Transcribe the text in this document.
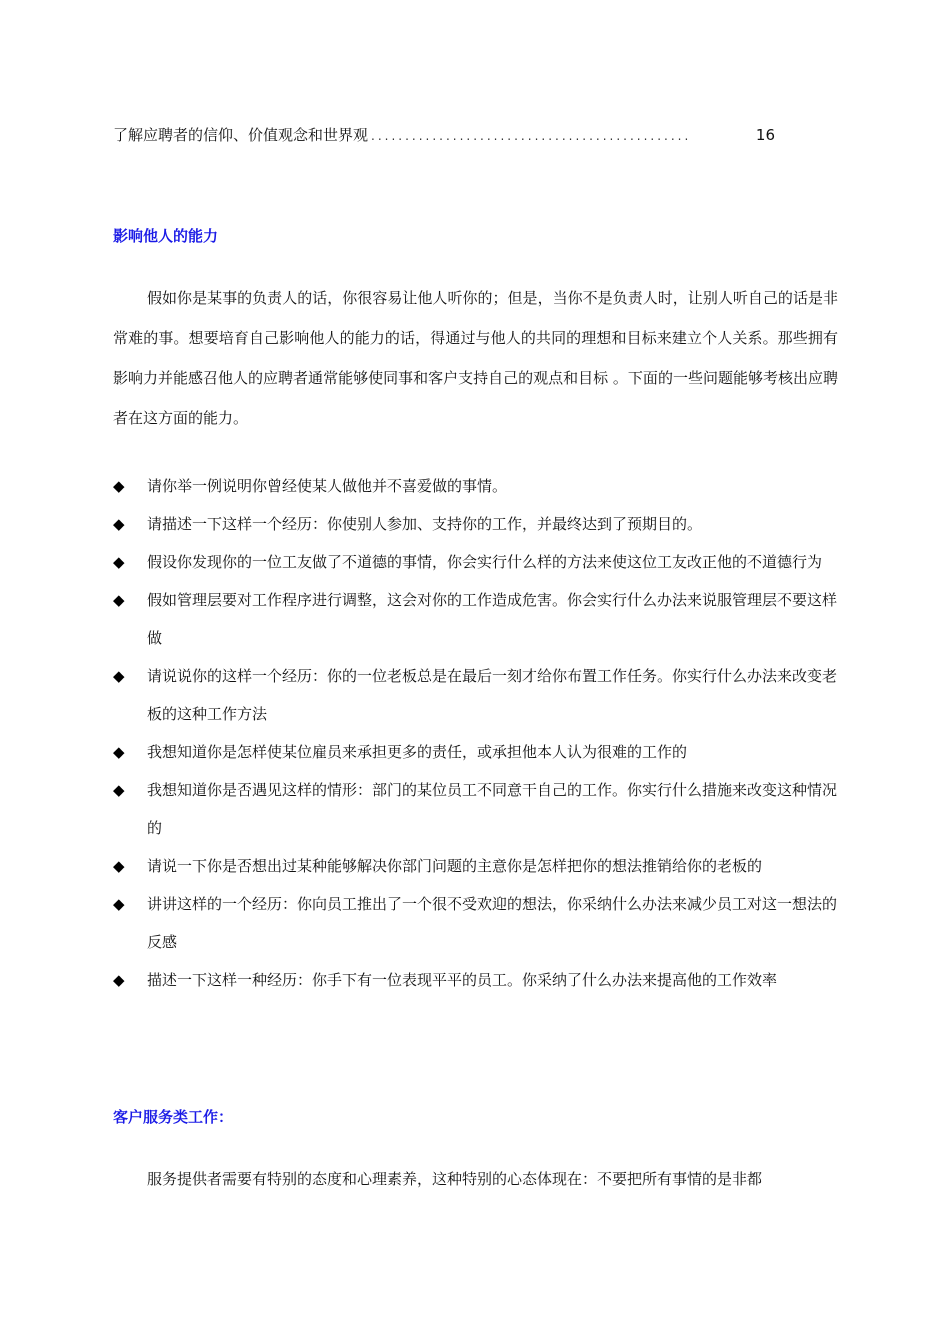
了解应聘者的信仰、价值观念和世界观 ...............................................	16
影响他人的能力

假如你是某事的负责人的话，你很容易让他人听你的；但是，当你不是负责人时，让别人听自己的话是非常难的事。想要培育自己影响他人的能力的话，得通过与他人的共同的理想和目标来建立个人关系。那些拥有影响力并能感召他人的应聘者通常能够使同事和客户支持自己的观点和目标 。下面的一些问题能够考核出应聘者在这方面的能力。

◆ 请你举一例说明你曾经使某人做他并不喜爱做的事情。
◆ 请描述一下这样一个经历：你使别人参加、支持你的工作，并最终达到了预期目的。
◆ 假设你发现你的一位工友做了不道德的事情，你会实行什么样的方法来使这位工友改正他的不道德行为
◆ 假如管理层要对工作程序进行调整，这会对你的工作造成危害。你会实行什么办法来说服管理层不要这样做
◆ 请说说你的这样一个经历：你的一位老板总是在最后一刻才给你布置工作任务。你实行什么办法来改变老板的这种工作方法
◆ 我想知道你是怎样使某位雇员来承担更多的责任，或承担他本人认为很难的工作的
◆ 我想知道你是否遇见这样的情形：部门的某位员工不同意干自己的工作。你实行什么措施来改变这种情况的
◆ 请说一下你是否想出过某种能够解决你部门问题的主意你是怎样把你的想法推销给你的老板的
◆ 讲讲这样的一个经历：你向员工推出了一个很不受欢迎的想法，你采纳什么办法来减少员工对这一想法的反感
◆ 描述一下这样一种经历：你手下有一位表现平平的员工。你采纳了什么办法来提高他的工作效率
客户服务类工作：

服务提供者需要有特别的态度和心理素养，这种特别的心态体现在：不要把所有事情的是非都
